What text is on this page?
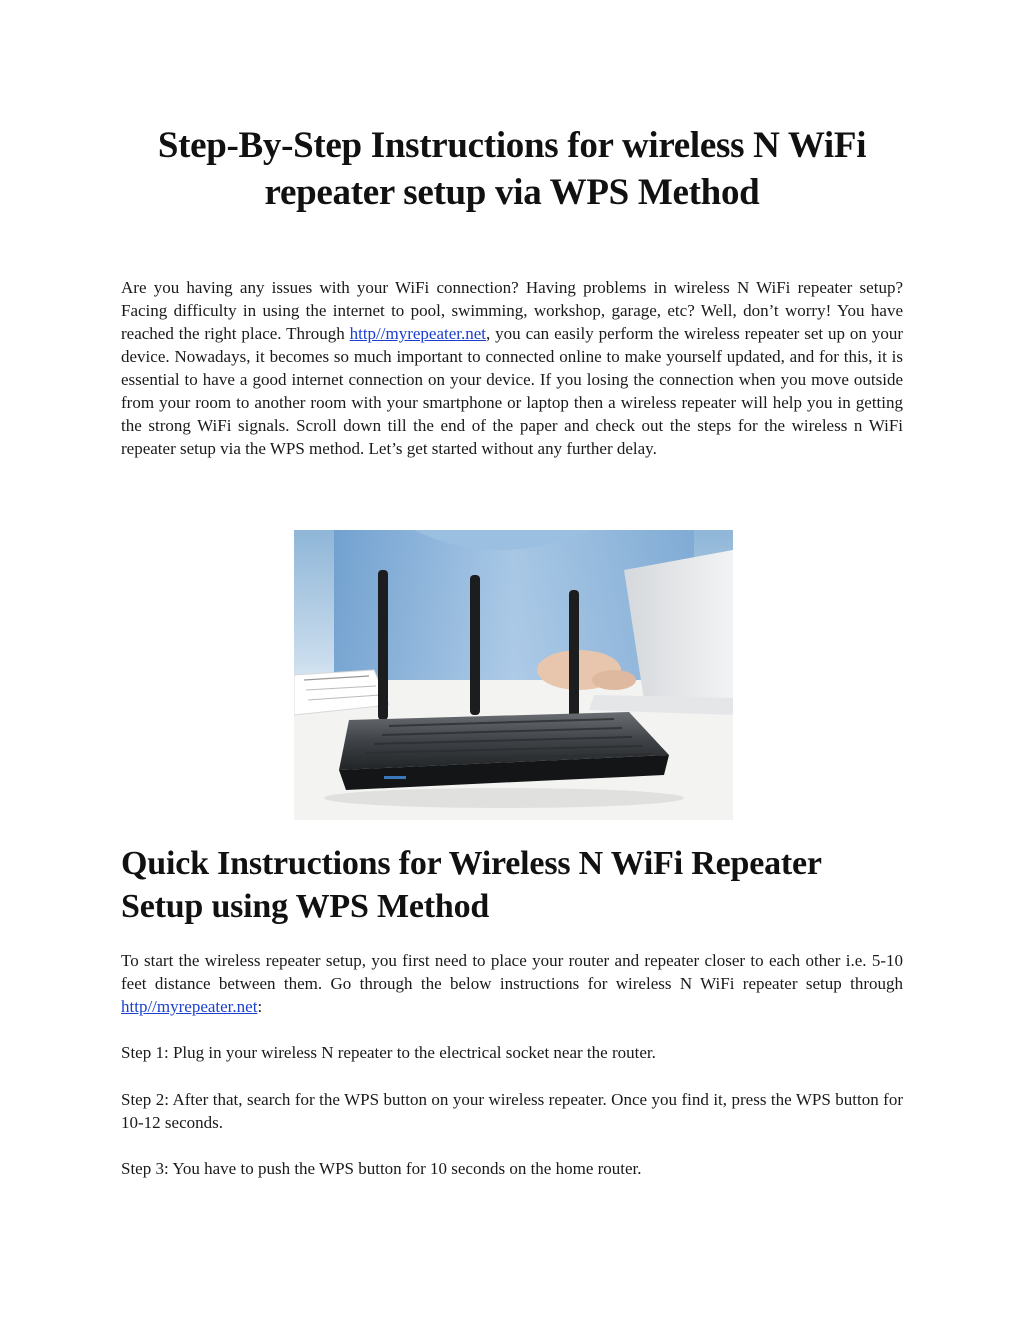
Step-By-Step Instructions for wireless N WiFi
repeater setup via WPS Method

Are you having any issues with your WiFi connection? Having problems in wireless N WiFi repeater setup? Facing difficulty in using the internet to pool, swimming, workshop, garage, etc? Well, don’t worry! You have reached the right place. Through http//myrepeater.net, you can easily perform the wireless repeater set up on your device. Nowadays, it becomes so much important to connected online to make yourself updated, and for this, it is essential to have a good internet connection on your device. If you losing the connection when you move outside from your room to another room with your smartphone or laptop then a wireless repeater will help you in getting the strong WiFi signals. Scroll down till the end of the paper and check out the steps for the wireless n WiFi repeater setup via the WPS method. Let’s get started without any further delay.

Quick Instructions for Wireless N WiFi Repeater
Setup using WPS Method

To start the wireless repeater setup, you first need to place your router and repeater closer to each other i.e. 5-10 feet distance between them. Go through the below instructions for wireless N WiFi repeater setup through http//myrepeater.net:

Step 1: Plug in your wireless N repeater to the electrical socket near the router.

Step 2: After that, search for the WPS button on your wireless repeater. Once you find it, press the WPS button for 10-12 seconds.

Step 3: You have to push the WPS button for 10 seconds on the home router.
